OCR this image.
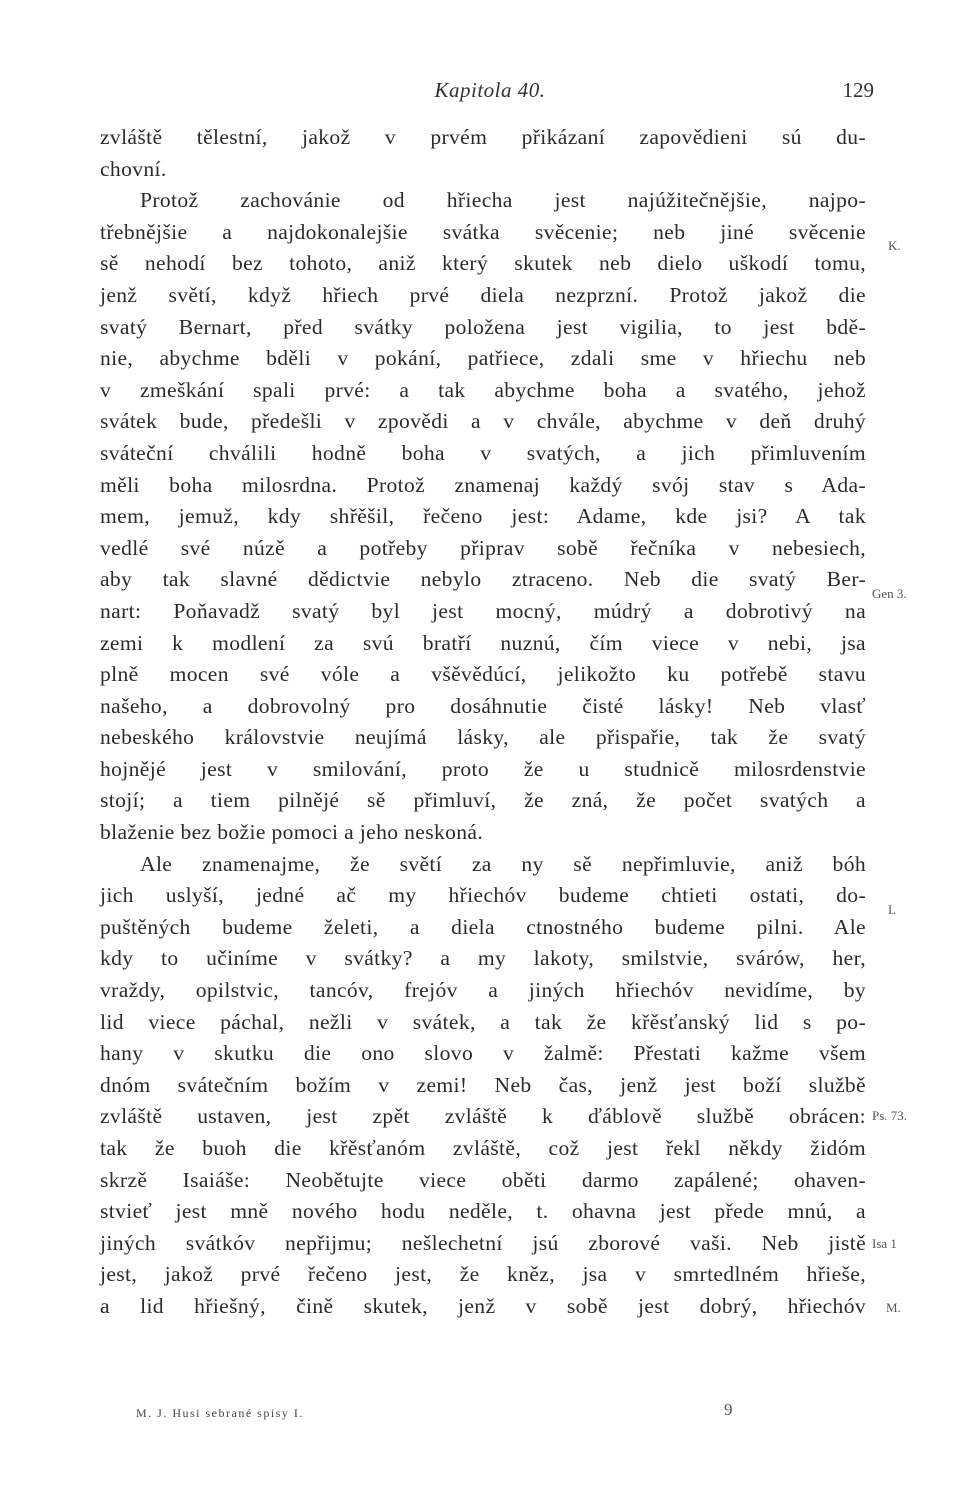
Kapitola 40.	129
zvláště tělestní, jakož v prvém přikázaní zapovědieni sú du-
chovní.
Protož zachovánie od hřiecha jest najúžitečnějšie, najpo-
třebnějšie a najdokonalejšie svátka svěcenie; neb jiné svěcenie
sě nehodí bez tohoto, aniž který skutek neb dielo uškodí tomu,
jenž světí, když hřiech prvé diela nezprzní. Protož jakož die
svatý Bernart, před svátky položena jest vigilia, to jest bdě-
nie, abychme bděli v pokání, patřiece, zdali sme v hřiechu neb
v zmeškání spali prvé: a tak abychme boha a svatého, jehož
svátek bude, předešli v zpovědi a v chvále, abychme v deň druhý
sváteční chválili hodně boha v svatých, a jich přimluvením
měli boha milosrdna. Protož znamenaj každý svój stav s Ada-
mem, jemuž, kdy shřěšil, řečeno jest: Adame, kde jsi? A tak
vedlé své núzě a potřeby připrav sobě řečníka v nebesiech,
aby tak slavné dědictvie nebylo ztraceno. Neb die svatý Ber-
nart: Poňavadž svatý byl jest mocný, múdrý a dobrotivý na
zemi k modlení za svú bratří nuznú, čím viece v nebi, jsa
plně mocen své vóle a všěvědúcí, jelikožto ku potřebě stavu
našeho, a dobrovolný pro dosáhnutie čisté lásky! Neb vlasť
nebeského královstvie neujímá lásky, ale přispařie, tak že svatý
hojnějé jest v smilování, proto že u studnicě milosrdenstvie
stojí; a tiem pilnějé sě přimluví, že zná, že počet svatých a
blaženie bez božie pomoci a jeho neskoná.
Ale znamenajme, že světí za ny sě nepřimluvie, aniž bóh
jich uslyší, jedné ač my hřiechóv budeme chtieti ostati, do-
puštěných budeme želeti, a diela ctnostného budeme pilni. Ale
kdy to učiníme v svátky? a my lakoty, smilstvie, svárów, her,
vraždy, opilstvic, tancóv, frejóv a jiných hřiechóv nevidíme, by
lid viece páchal, nežli v svátek, a tak že křěsťanský lid s po-
hany v skutku die ono slovo v žalmě: Přestati kažme všem
dnóm svátečním božím v zemi! Neb čas, jenž jest boží službě
zvláště ustaven, jest zpět zvláště k ďáblově službě obrácen:
tak že buoh die křěsťanóm zvláště, což jest řekl někdy židóm
skrzě Isaiáše: Neobětujte viece oběti darmo zapálené; ohaven-
stvieť jest mně nového hodu neděle, t. ohavna jest přede mnú, a
jiných svátkóv nepřijmu; nešlechetní jsú zborové vaši. Neb jistě
jest, jakož prvé řečeno jest, že kněz, jsa v smrtedlném hřieše,
a lid hřiešný, čině skutek, jenž v sobě jest dobrý, hřiechóv
K.
Gen 3.
L
Ps. 73.
Isa 1
M.
M. J. Husi sebrané spisy I.	9
